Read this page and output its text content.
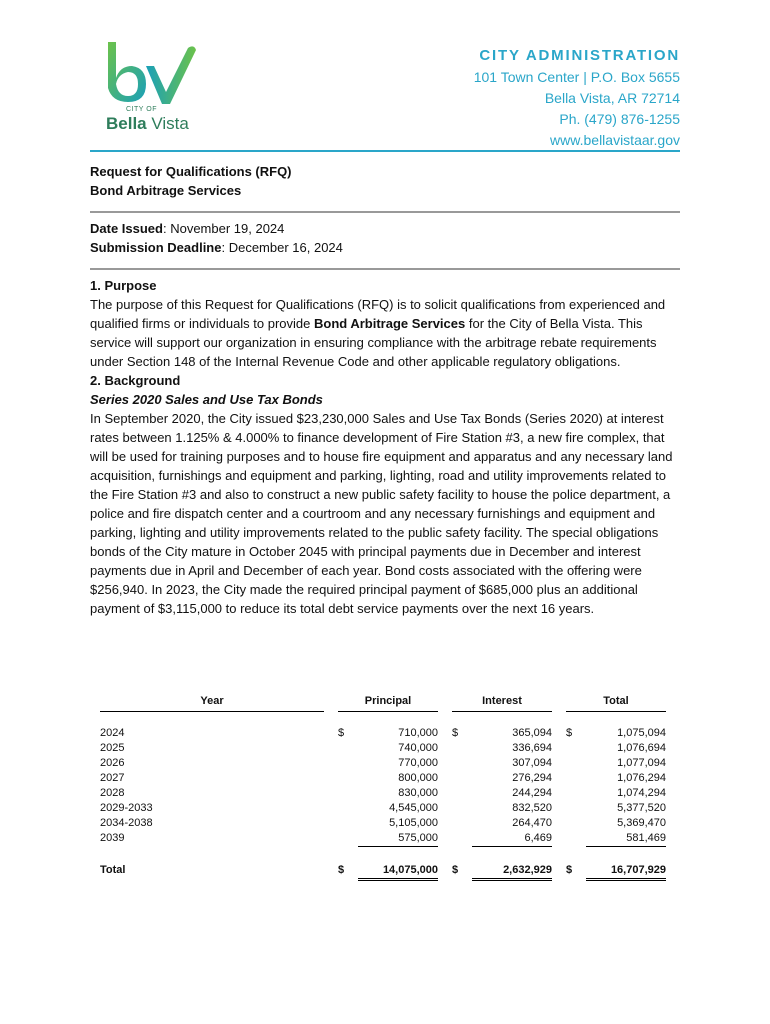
CITY OF
Bella Vista
CITY ADMINISTRATION
101 Town Center | P.O. Box 5655
Bella Vista, AR 72714
Ph. (479) 876-1255
www.bellavistaar.gov
Request for Qualifications (RFQ)
Bond Arbitrage Services
Date Issued: November 19, 2024
Submission Deadline: December 16, 2024
1. Purpose
The purpose of this Request for Qualifications (RFQ) is to solicit qualifications from experienced and qualified firms or individuals to provide Bond Arbitrage Services for the City of Bella Vista. This service will support our organization in ensuring compliance with the arbitrage rebate requirements under Section 148 of the Internal Revenue Code and other applicable regulatory obligations.
2. Background
Series 2020 Sales and Use Tax Bonds
In September 2020, the City issued $23,230,000 Sales and Use Tax Bonds (Series 2020) at interest rates between 1.125% & 4.000% to finance development of Fire Station #3, a new fire complex, that will be used for training purposes and to house fire equipment and apparatus and any necessary land acquisition, furnishings and equipment and parking, lighting, road and utility improvements related to the Fire Station #3 and also to construct a new public safety facility to house the police department, a police and fire dispatch center and a courtroom and any necessary furnishings and equipment and parking, lighting and utility improvements related to the public safety facility. The special obligations bonds of the City mature in October 2045 with principal payments due in December and interest payments due in April and December of each year. Bond costs associated with the offering were $256,940. In 2023, the City made the required principal payment of $685,000 plus an additional payment of $3,115,000 to reduce its total debt service payments over the next 16 years.
Year		Principal			Interest			Total	

2024		$	710,000		$	365,094		$	1,075,094
2025			740,000			336,694			1,076,694
2026			770,000			307,094			1,077,094
2027			800,000			276,294			1,076,294
2028			830,000			244,294			1,074,294
2029-2033			4,545,000			832,520			5,377,520
2034-2038			5,105,000			264,470			5,369,470
2039			575,000			6,469			581,469

Total		$	14,075,000		$	2,632,929		$	16,707,929
